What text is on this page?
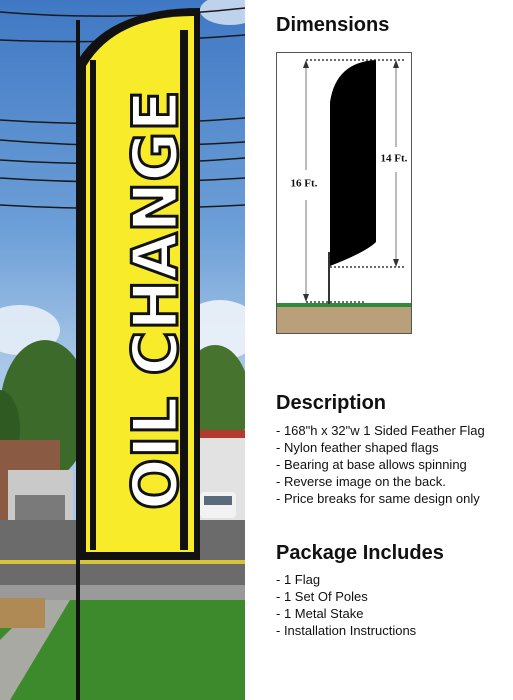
OIL CHANGE
Dimensions
16 Ft.
14 Ft.
Description
- 168"h x 32"w 1 Sided Feather Flag
- Nylon feather shaped flags
- Bearing at base allows spinning
- Reverse image on the back.
- Price breaks for same design only
Package Includes
- 1 Flag
- 1 Set Of Poles
- 1 Metal Stake
- Installation Instructions
